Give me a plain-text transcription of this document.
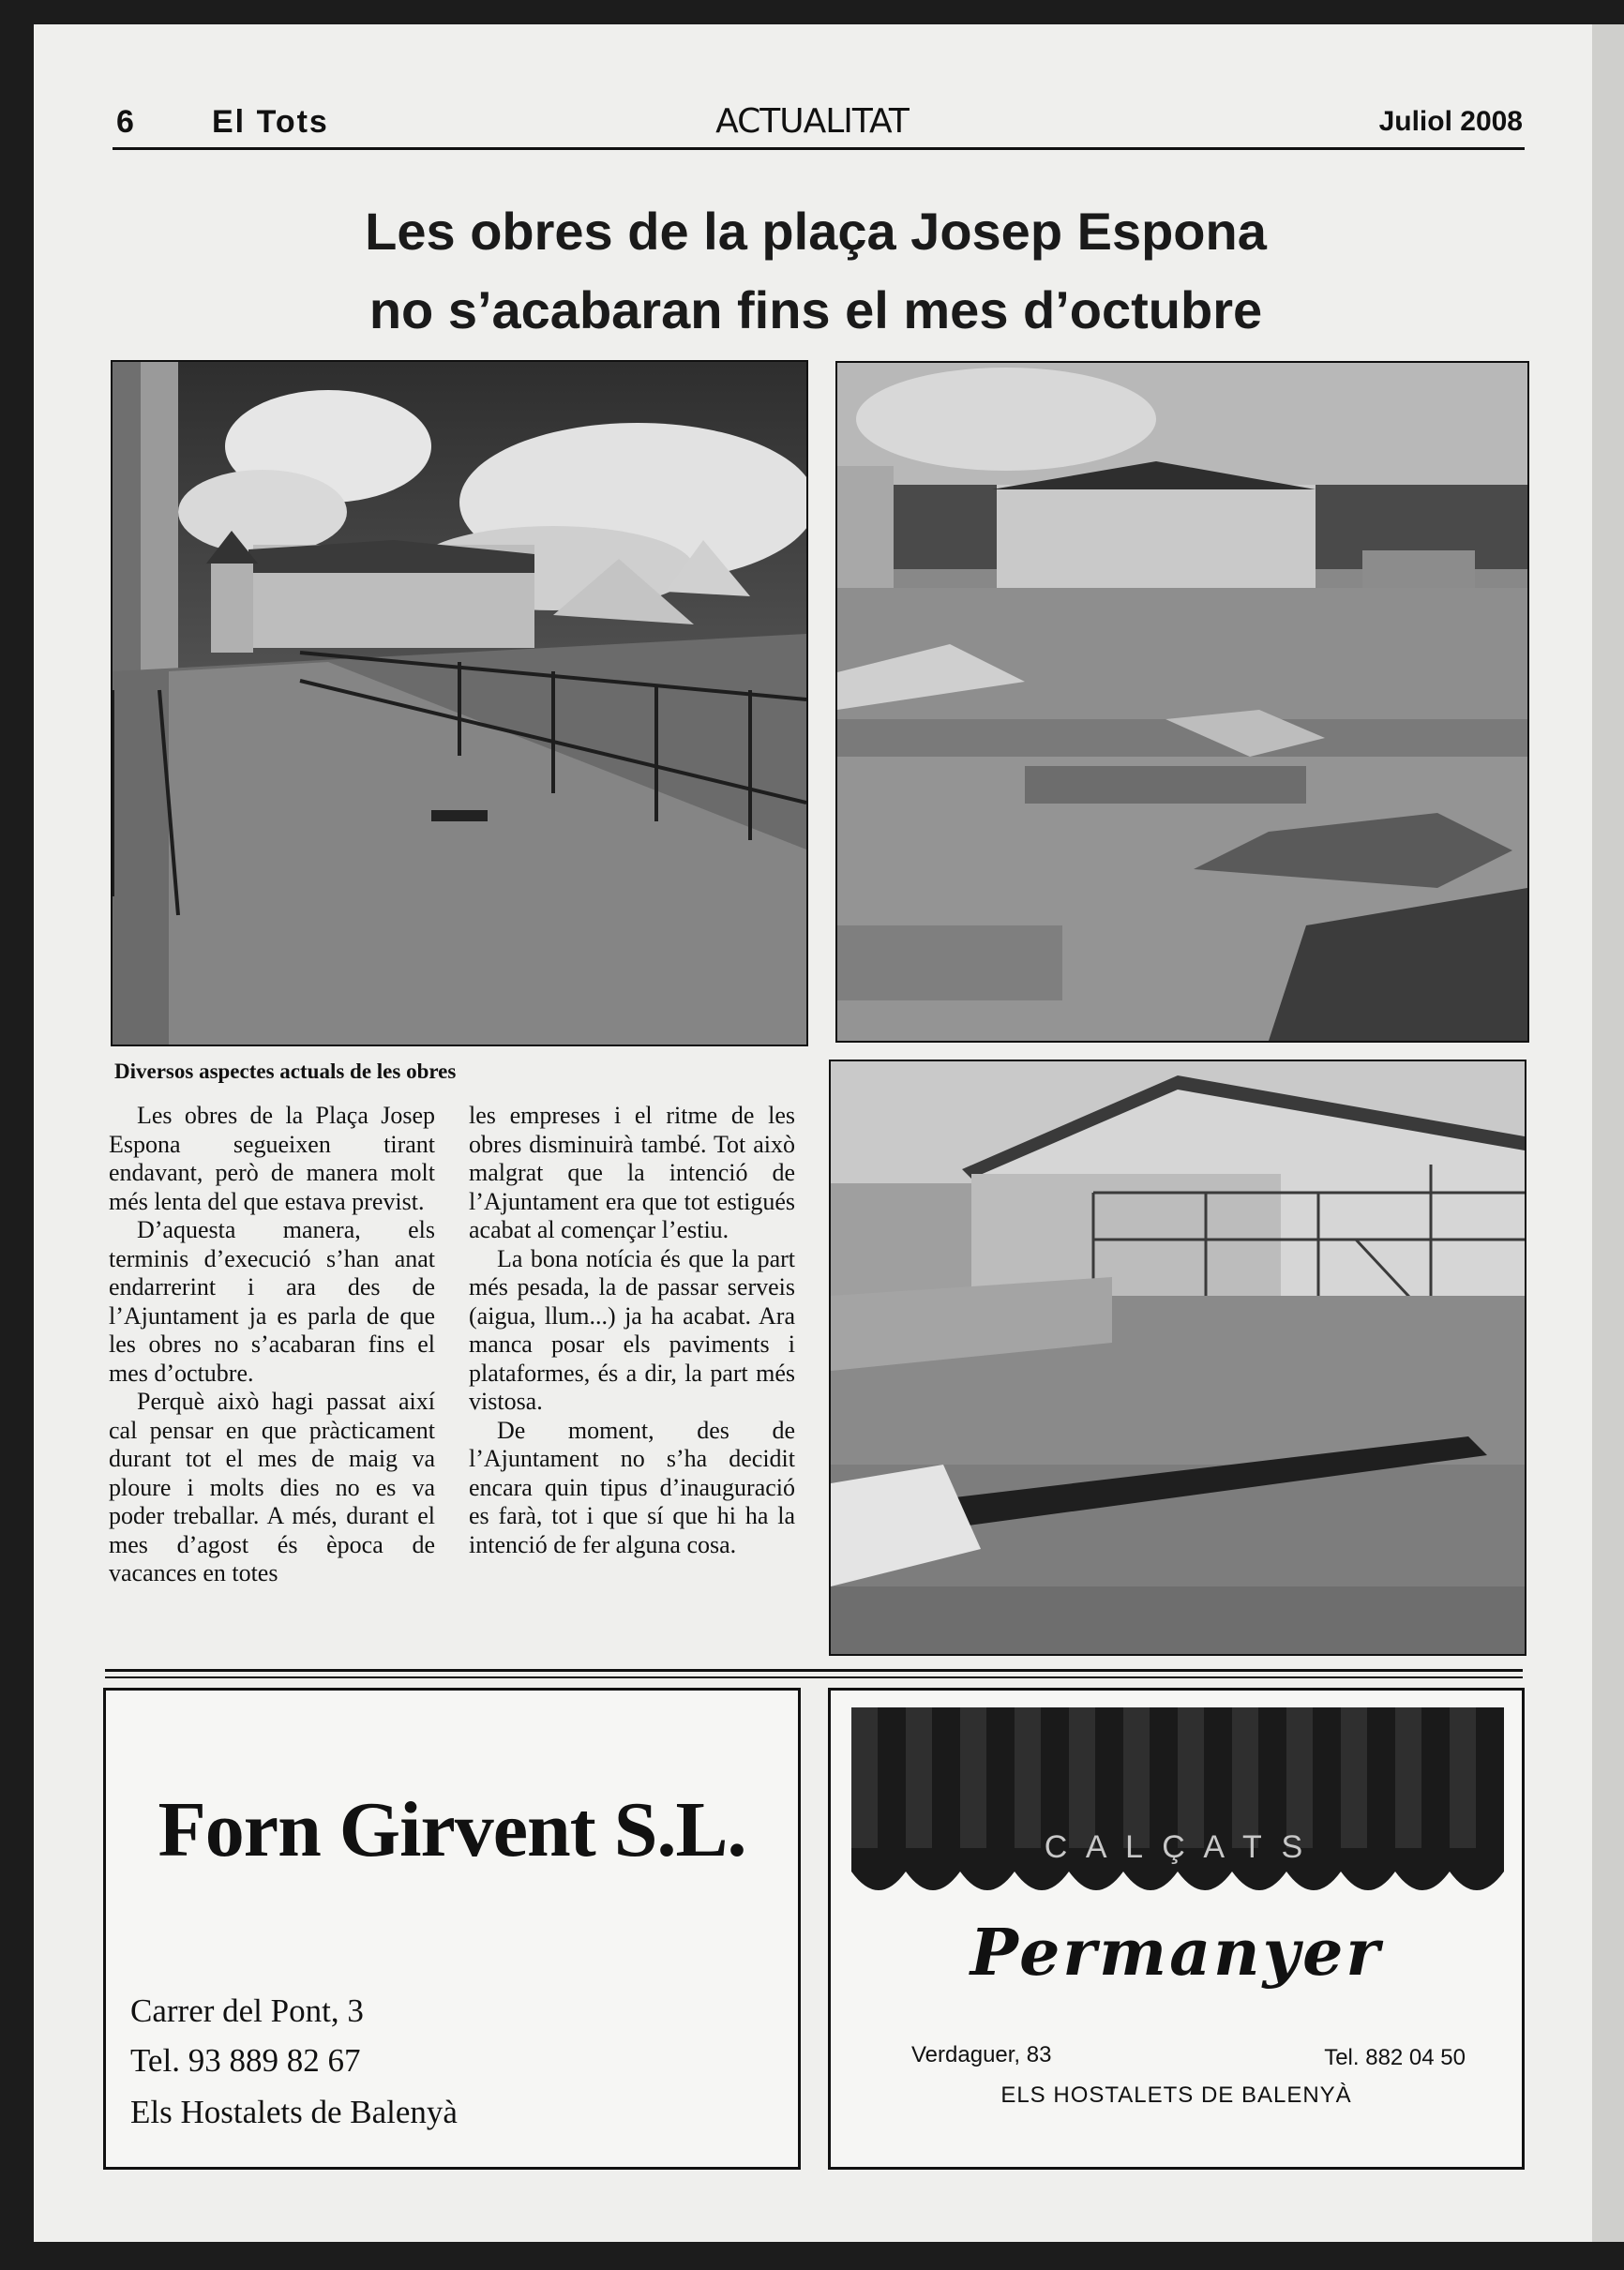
6 El Tots	ACTUALITAT	Juliol 2008
Les obres de la plaça Josep Espona
no s’acabaran fins el mes d’octubre
Diversos aspectes actuals de les obres

Les obres de la Plaça Josep Espona segueixen tirant endavant, però de manera molt més lenta del que estava previst.

D’aquesta manera, els terminis d’execució s’han anat endarrerint i ara des de l’Ajuntament ja es parla de que les obres no s’acabaran fins el mes d’octubre.

Perquè això hagi passat així cal pensar en que pràcticament durant tot el mes de maig va ploure i molts dies no es va poder treballar. A més, durant el mes d’agost és època de vacances en totes

les empreses i el ritme de les obres disminuirà també. Tot això malgrat que la intenció de l’Ajuntament era que tot estigués acabat al començar l’estiu.

La bona notícia és que la part més pesada, la de passar serveis (aigua, llum...) ja ha acabat. Ara manca posar els paviments i plataformes, és a dir, la part més vistosa.

De moment, des de l’Ajuntament no s’ha decidit encara quin tipus d’inauguració es farà, tot i que sí que hi ha la intenció de fer alguna cosa.

Forn Girvent S.L.
Carrer del Pont, 3
Tel. 93 889 82 67
Els Hostalets de Balenyà
C A L Ç A T S
Permanyer
Verdaguer, 83	Tel. 882 04 50
ELS HOSTALETS DE BALENYÀ
